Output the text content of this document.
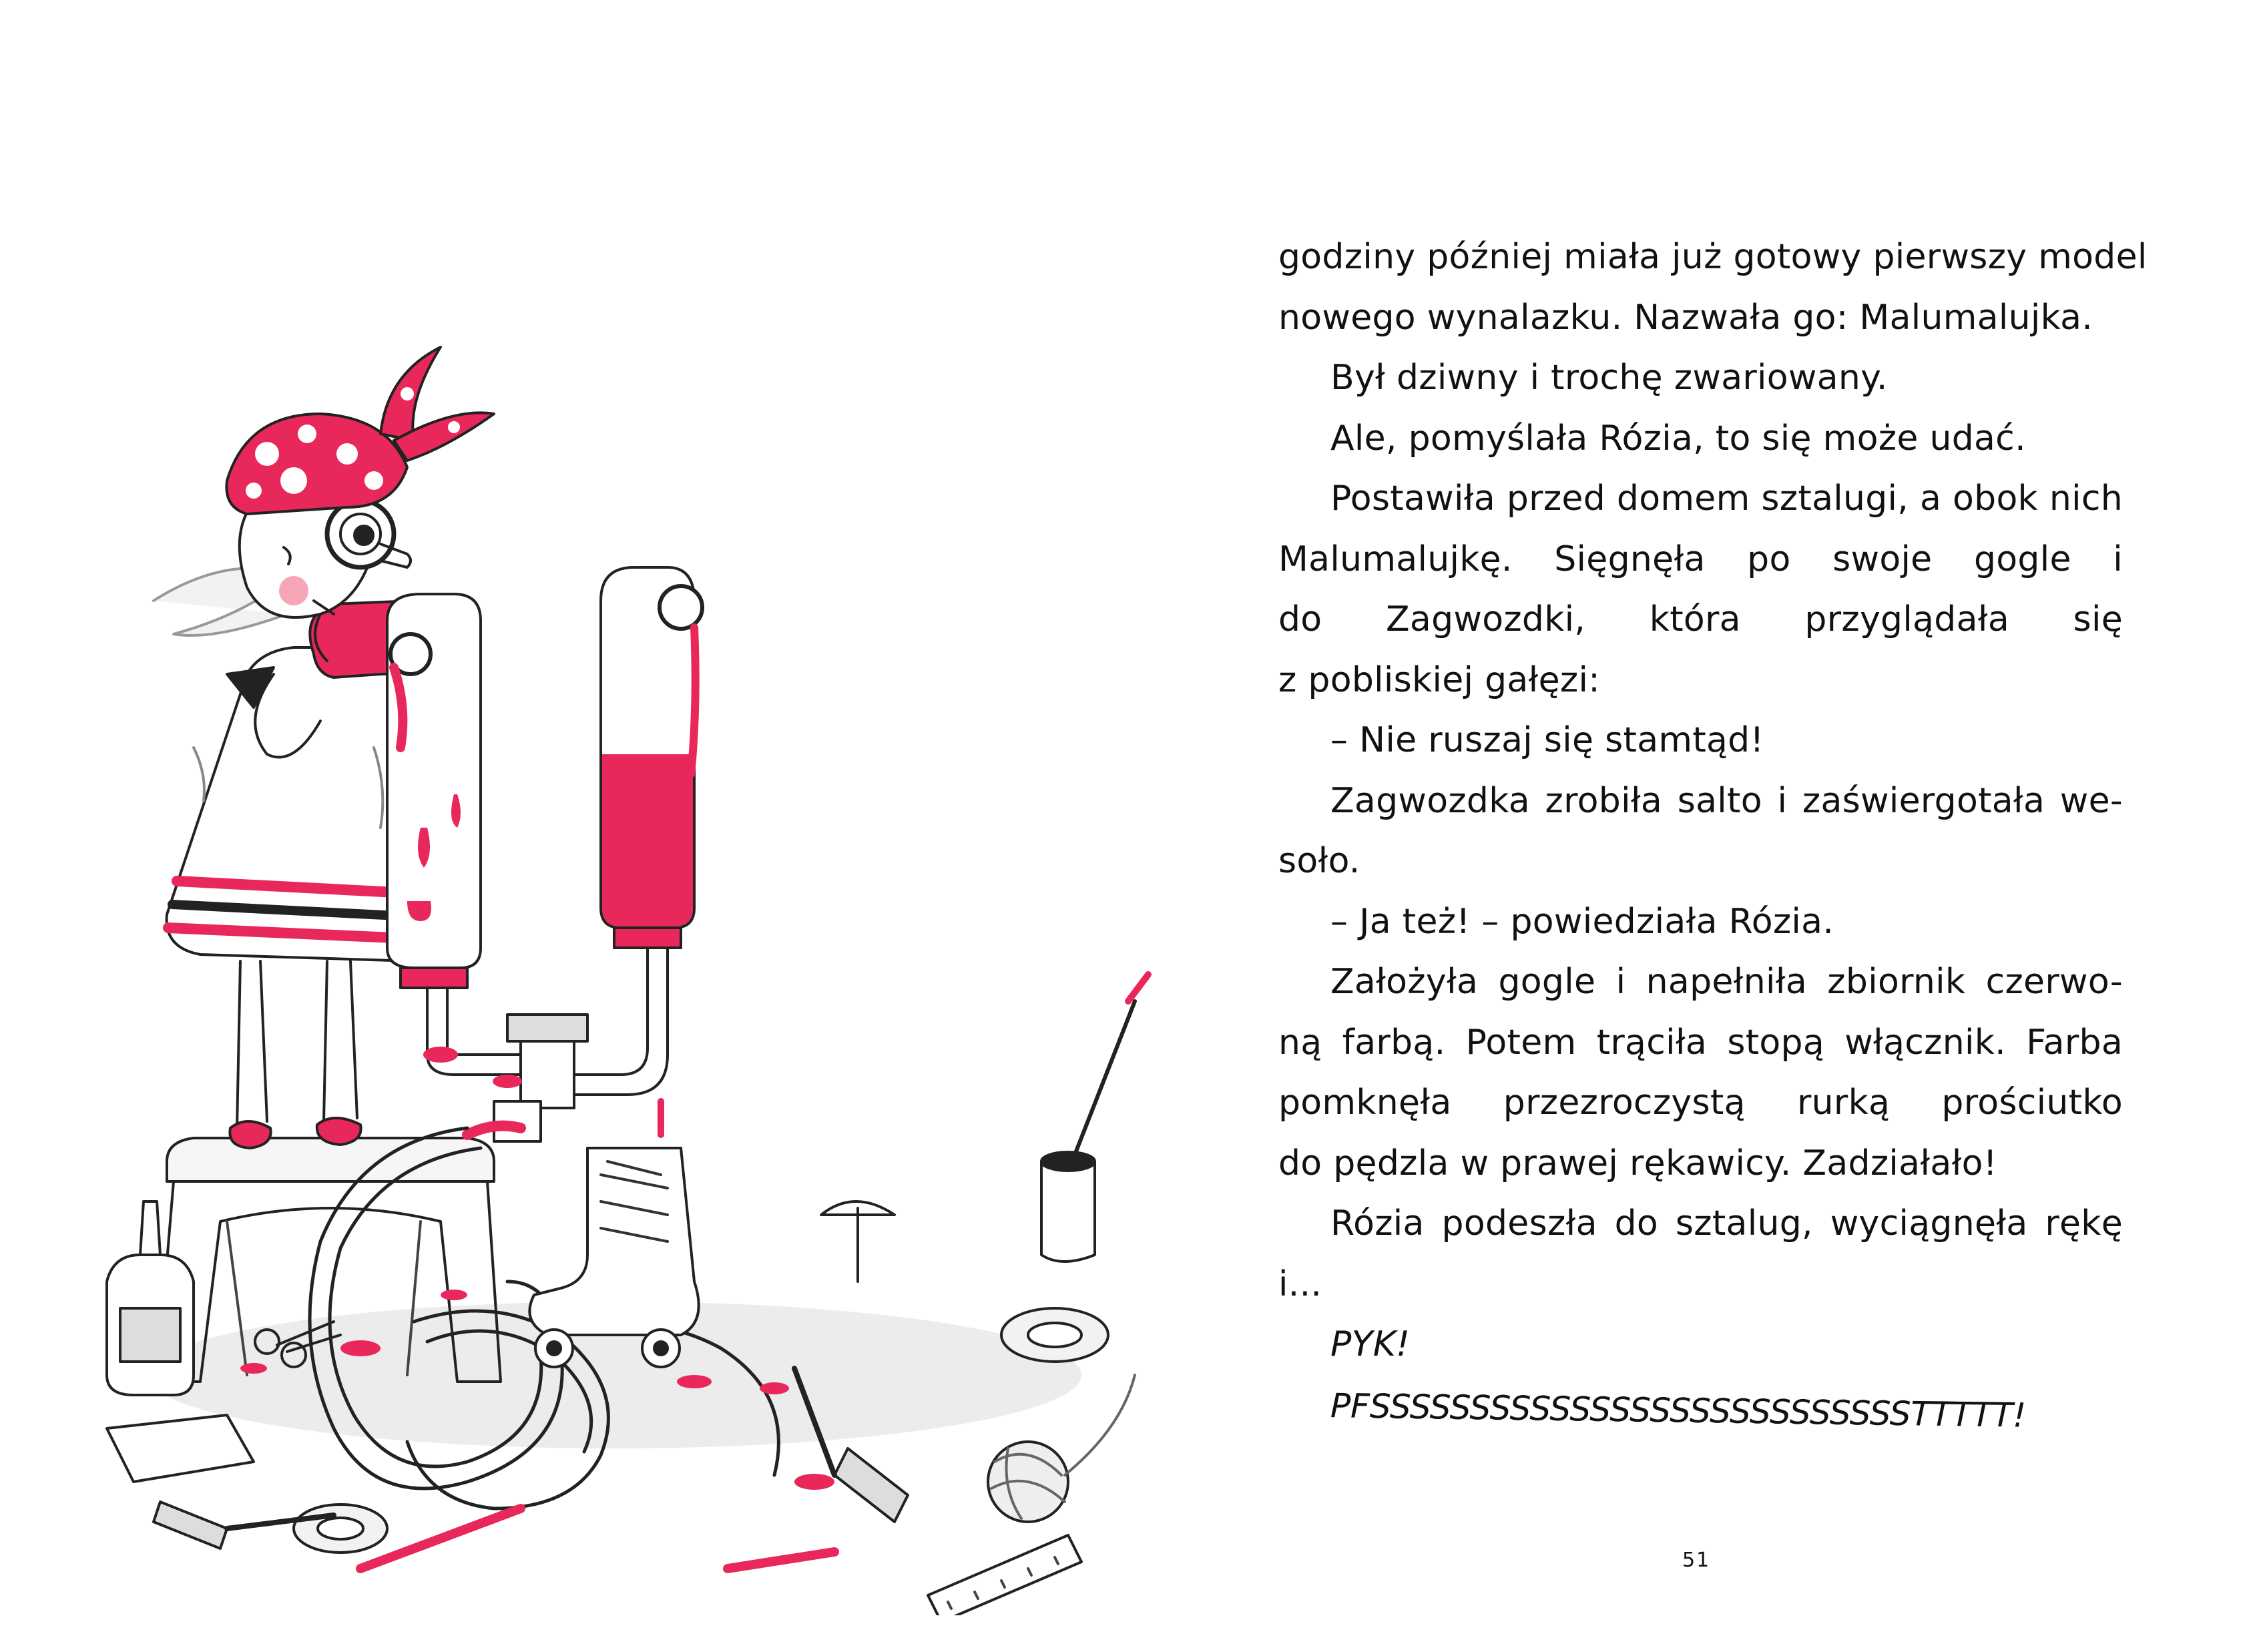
godziny później miała już gotowy pierwszy model
nowego wynalazku. Nazwała go: Malumalujka.
Był dziwny i trochę zwariowany.
Ale, pomyślała Rózia, to się może udać.
Postawiła przed domem sztalugi, a obok nich
Malumalujkę. Sięgnęła po swoje gogle i
do Zagwozdki, która przyglądała się
z pobliskiej gałęzi:
– Nie ruszaj się stamtąd!
Zagwozdka zrobiła salto i zaświergotała we-
soło.
– Ja też! – powiedziała Rózia.
Założyła gogle i napełniła zbiornik czerwo-
ną farbą. Potem trąciła stopą włącznik. Farba
pomknęła przezroczystą rurką prościutko
do pędzla w prawej rękawicy. Zadziałało!
Rózia podeszła do sztalug, wyciągnęła rękę
i...
PYK!
PFSSSSSSSSSSSSSSSSSSSSSSSSSSSTTTTT!
51
